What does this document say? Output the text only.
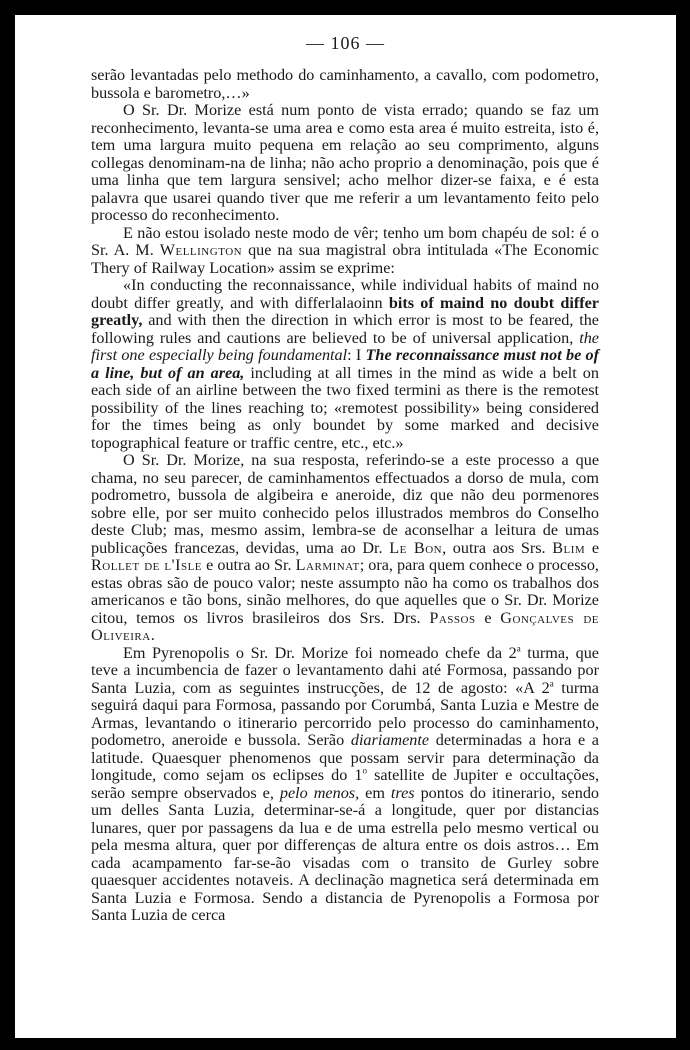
— 106 —

serão levantadas pelo methodo do caminhamento, a cavallo, com podometro, bussola e barometro,…»

O Sr. Dr. Morize está num ponto de vista errado; quando se faz um reconhecimento, levanta-se uma area e como esta area é muito estreita, isto é, tem uma largura muito pequena em relação ao seu comprimento, alguns collegas denominam-na de linha; não acho proprio a denominação, pois que é uma linha que tem largura sensivel; acho melhor dizer-se faixa, e é esta palavra que usarei quando tiver que me referir a um levantamento feito pelo processo do reconhecimento.

E não estou isolado neste modo de vêr; tenho um bom chapéu de sol: é o Sr. A. M. Wellington que na sua magistral obra intitulada «The Economic Thery of Railway Location» assim se exprime:

«In conducting the reconnaissance, while individual habits of maind no doubt differ greatly, and with differlalaoinn bits of maind no doubt differ greatly, and with then the direction in which error is most to be feared, the following rules and cautions are believed to be of universal application, the first one especially being foundamental: I The reconnaissance must not be of a line, but of an area, including at all times in the mind as wide a belt on each side of an airline between the two fixed termini as there is the remotest possibility of the lines reaching to; «remotest possibility» being considered for the times being as only boundet by some marked and decisive topographical feature or traffic centre, etc., etc.»

O Sr. Dr. Morize, na sua resposta, referindo-se a este processo a que chama, no seu parecer, de caminhamentos effectuados a dorso de mula, com podrometro, bussola de algibeira e aneroide, diz que não deu pormenores sobre elle, por ser muito conhecido pelos illustrados membros do Conselho deste Club; mas, mesmo assim, lembra-se de aconselhar a leitura de umas publicações francezas, devidas, uma ao Dr. Le Bon, outra aos Srs. Blim e Rollet de l'Isle e outra ao Sr. Larminat; ora, para quem conhece o processo, estas obras são de pouco valor; neste assumpto não ha como os trabalhos dos americanos e tão bons, sinão melhores, do que aquelles que o Sr. Dr. Morize citou, temos os livros brasileiros dos Srs. Drs. Passos e Gonçalves de Oliveira.

Em Pyrenopolis o Sr. Dr. Morize foi nomeado chefe da 2$^a$ turma, que teve a incumbencia de fazer o levantamento dahi até Formosa, passando por Santa Luzia, com as seguintes instrucções, de 12 de agosto: «A 2$^a$ turma seguirá daqui para Formosa, passando por Corumbá, Santa Luzia e Mestre de Armas, levantando o itinerario percorrido pelo processo do caminhamento, podometro, aneroide e bussola. Serão diariamente determinadas a hora e a latitude. Quaesquer phenomenos que possam servir para determinação da longitude, como sejam os eclipses do 1$^o$ satellite de Jupiter e occultações, serão sempre observados e, pelo menos, em tres pontos do itinerario, sendo um delles Santa Luzia, determinar-se-á a longitude, quer por distancias lunares, quer por passagens da lua e de uma estrella pelo mesmo vertical ou pela mesma altura, quer por differenças de altura entre os dois astros… Em cada acampamento far-se-ão visadas com o transito de Gurley sobre quaesquer accidentes notaveis. A declinação magnetica será determinada em Santa Luzia e Formosa. Sendo a distancia de Pyrenopolis a Formosa por Santa Luzia de cerca
